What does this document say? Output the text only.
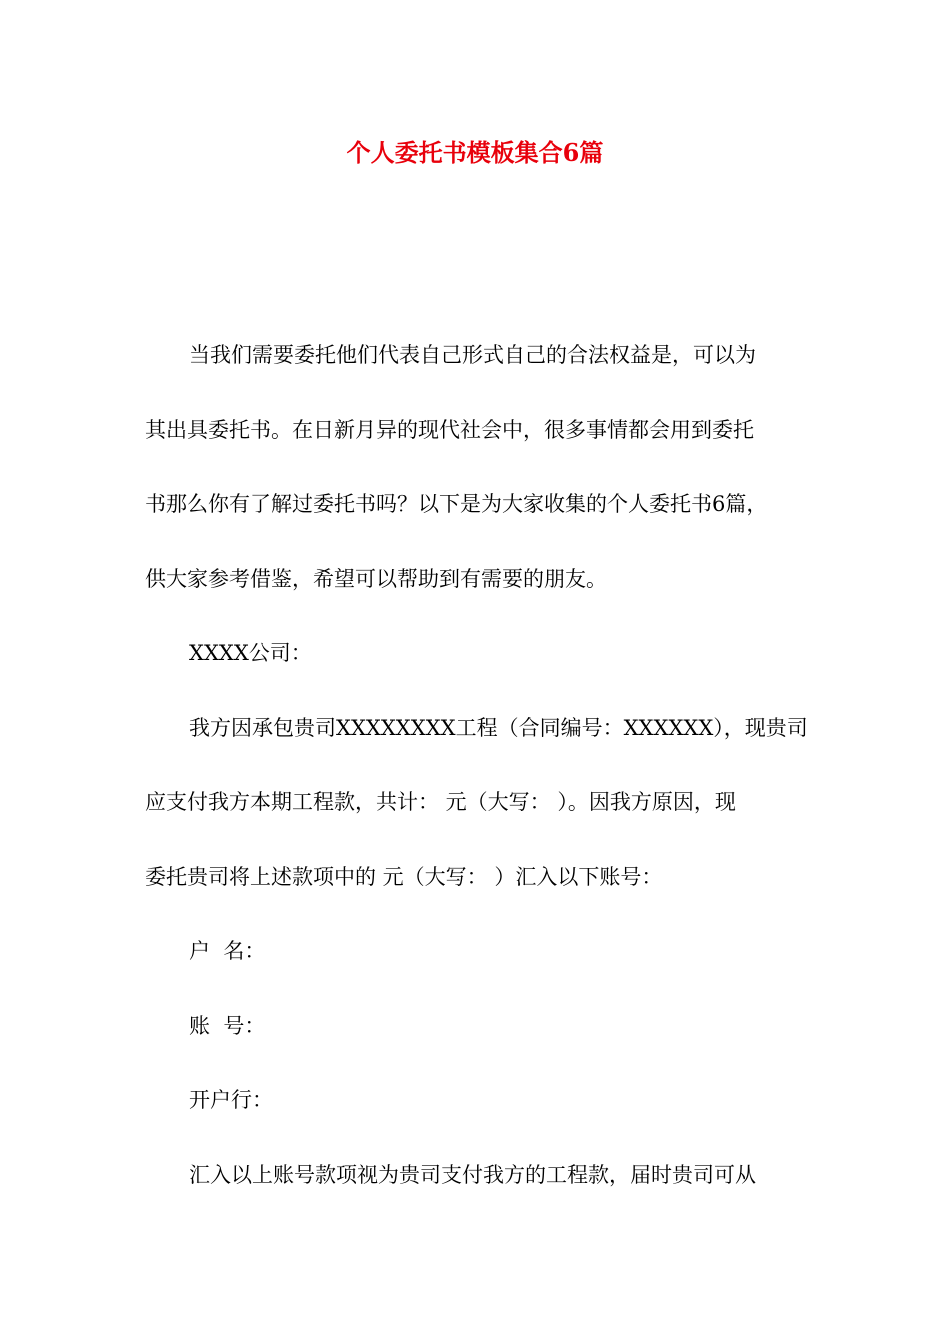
个人委托书模板集合6篇

当我们需要委托他们代表自己形式自己的合法权益是，可以为
其出具委托书。在日新月异的现代社会中，很多事情都会用到委托
书那么你有了解过委托书吗？以下是为大家收集的个人委托书6篇，
供大家参考借鉴，希望可以帮助到有需要的朋友。

XXXX公司：

我方因承包贵司XXXXXXXX工程（合同编号：XXXXXX），现贵司
应支付我方本期工程款，共计： 元（大写： ）。因我方原因，现
委托贵司将上述款项中的 元（大写： ）汇入以下账号：

户  名：

账  号：

开户行：

汇入以上账号款项视为贵司支付我方的工程款，届时贵司可从
